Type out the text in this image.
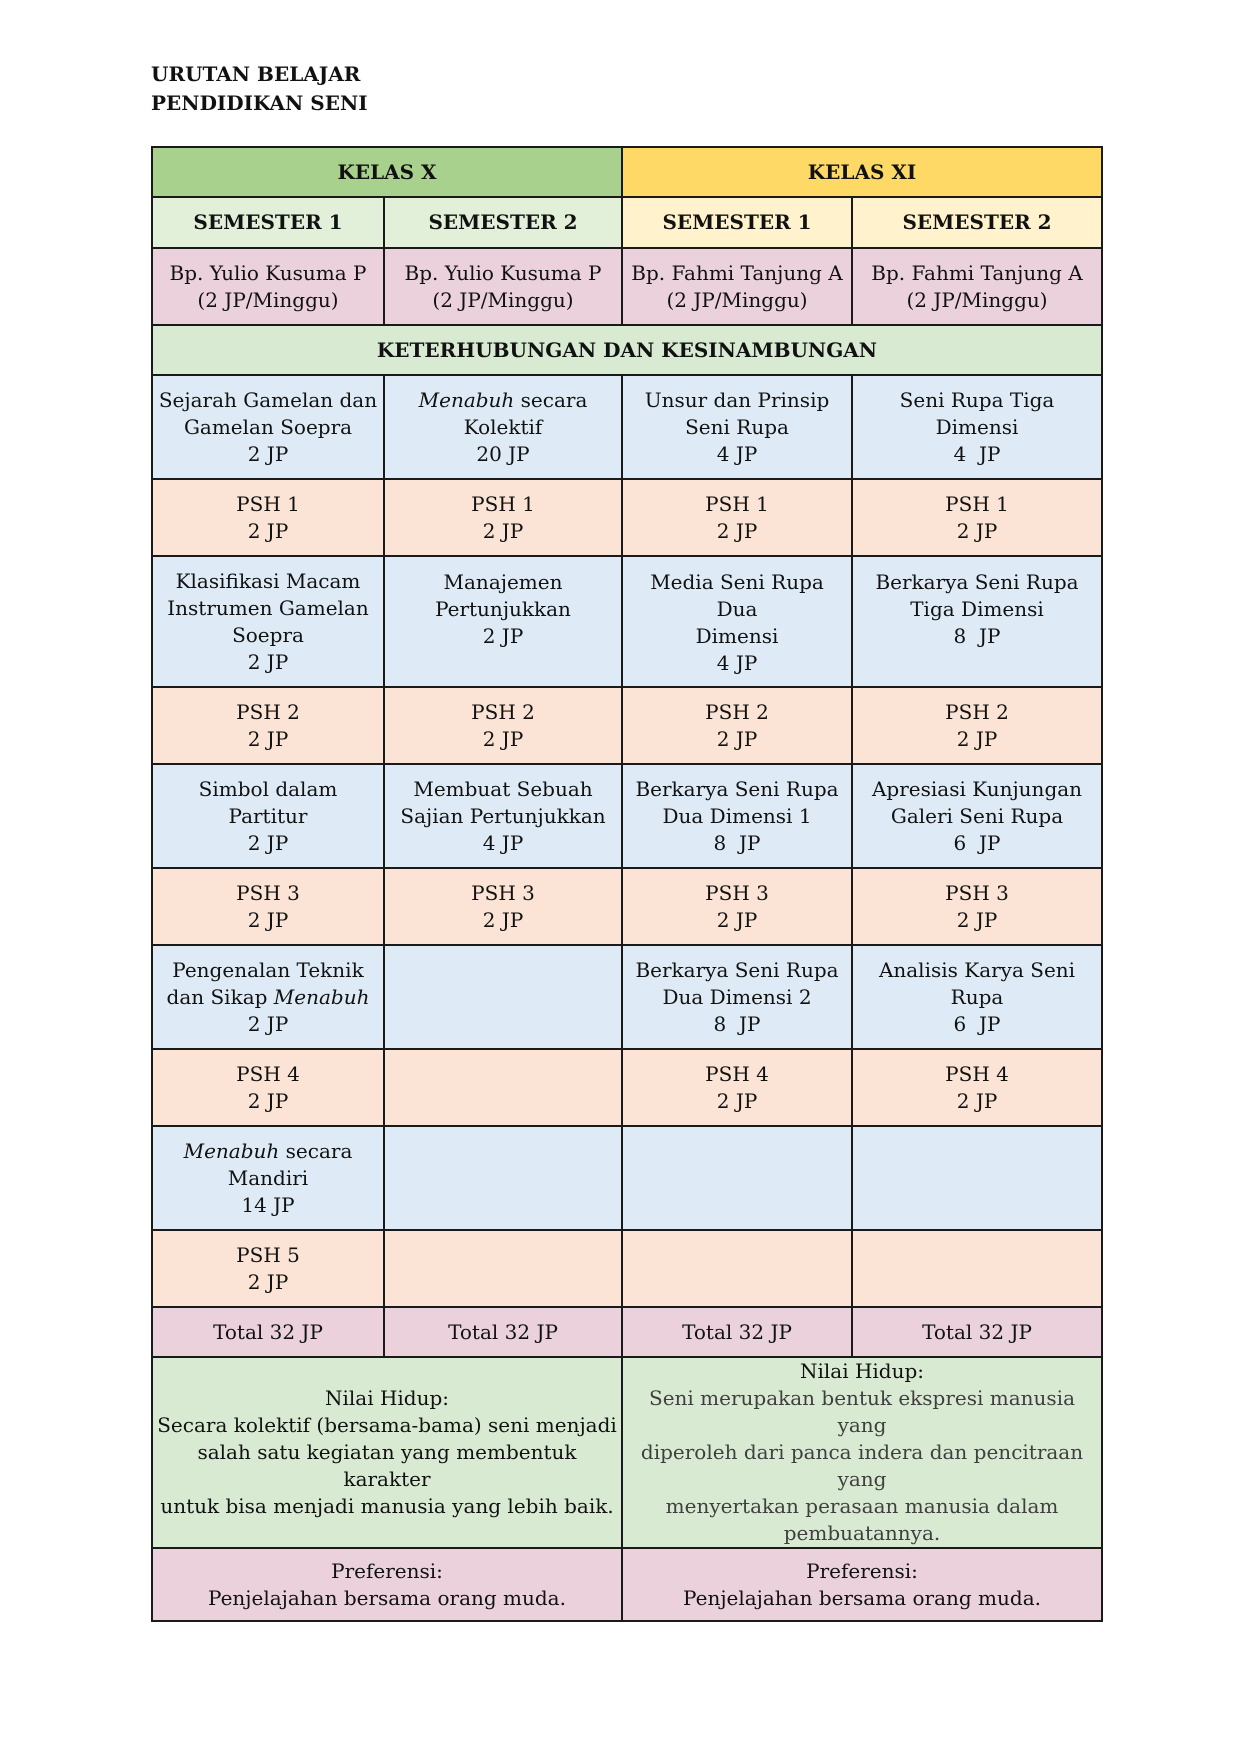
URUTAN BELAJAR
PENDIDIKAN SENI
KELAS X		KELAS XI	
SEMESTER 1	SEMESTER 2	SEMESTER 1	SEMESTER 2

Bp. Yulio Kusuma P
(2 JP/Minggu)	Bp. Yulio Kusuma P
(2 JP/Minggu)	Bp. Fahmi Tanjung A
(2 JP/Minggu)	Bp. Fahmi Tanjung A
(2 JP/Minggu)

KETERHUBUNGAN DAN KESINAMBUNGAN			

Sejarah Gamelan dan
Gamelan Soepra
2 JP	Menabuh secara
Kolektif
20 JP	Unsur dan Prinsip
Seni Rupa
4 JP	Seni Rupa Tiga
Dimensi
4  JP

PSH 1
2 JP	PSH 1
2 JP	PSH 1
2 JP	PSH 1
2 JP

Klasifikasi Macam
Instrumen Gamelan
Soepra
2 JP	Manajemen
Pertunjukkan
2 JP	Media Seni Rupa Dua
Dimensi
4 JP	Berkarya Seni Rupa
Tiga Dimensi
8  JP

PSH 2
2 JP	PSH 2
2 JP	PSH 2
2 JP	PSH 2
2 JP

Simbol dalam
Partitur
2 JP	Membuat Sebuah
Sajian Pertunjukkan
4 JP	Berkarya Seni Rupa
Dua Dimensi 1
8  JP	Apresiasi Kunjungan
Galeri Seni Rupa
6  JP

PSH 3
2 JP	PSH 3
2 JP	PSH 3
2 JP	PSH 3
2 JP

Pengenalan Teknik
dan Sikap Menabuh
2 JP		Berkarya Seni Rupa
Dua Dimensi 2
8  JP	Analisis Karya Seni
Rupa
6  JP

PSH 4
2 JP		PSH 4
2 JP	PSH 4
2 JP

Menabuh secara
Mandiri
14 JP			

PSH 5
2 JP			

Total 32 JP	Total 32 JP	Total 32 JP	Total 32 JP

Nilai Hidup:
Secara kolektif (bersama-bama) seni menjadi
salah satu kegiatan yang membentuk karakter
untuk bisa menjadi manusia yang lebih baik.		Nilai Hidup:
Seni merupakan bentuk ekspresi manusia yang
diperoleh dari panca indera dan pencitraan yang
menyertakan perasaan manusia dalam
pembuatannya.	

Preferensi:
Penjelajahan bersama orang muda.		Preferensi:
Penjelajahan bersama orang muda.	
